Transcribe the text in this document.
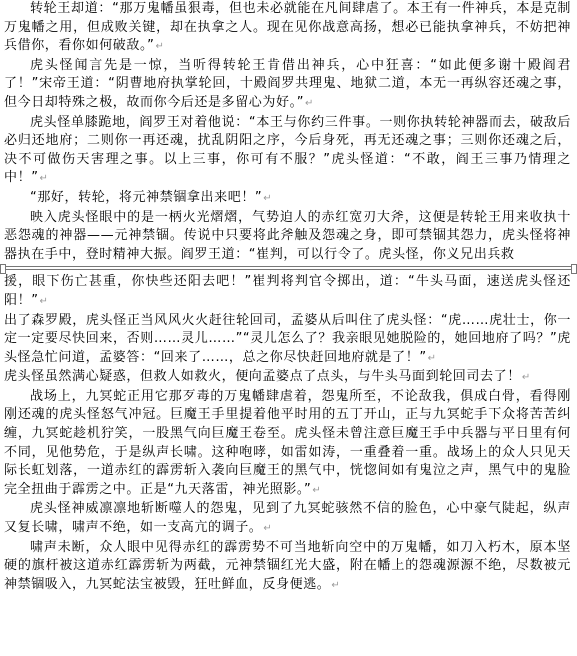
转轮王却道：“那万鬼幡虽狠毒，但也未必就能在凡间肆虐了。本王有一件神兵，本是克制万鬼幡之用，但成败关键，却在执拿之人。现在见你战意高扬，想必已能执拿神兵，不妨把神兵借你，看你如何破敌。”↵

虎头怪闻言先是一惊，当听得转轮王肯借出神兵，心中狂喜：“如此便多谢十殿阎君了！”宋帝王道：“阴曹地府执掌轮回，十殿阎罗共理鬼、地狱二道，本无一再纵容还魂之事，但今日却特殊之极，故而你今后还是多留心为好。”↵

虎头怪单膝跪地，阎罗王对着他说：“本王与你约三件事。一则你执转轮神器而去，破敌后必归还地府；二则你一再还魂，扰乱阴阳之序，今后身死，再无还魂之事；三则你还魂之后，决不可做伤天害理之事。以上三事，你可有不服？”虎头怪道：“不敢，阎王三事乃情理之中！”↵

“那好，转轮，将元神禁锢拿出来吧！”↵

映入虎头怪眼中的是一柄火光熠熠，气势迫人的赤红宽刃大斧，这便是转轮王用来收执十恶怨魂的神器——元神禁锢。传说中只要将此斧触及怨魂之身，即可禁锢其怨力，虎头怪将神器执在手中，登时精神大振。阎罗王道：“崔判，可以行令了。虎头怪，你义兄出兵救

援，眼下伤亡甚重，你快些还阳去吧！”崔判将判官令掷出，道：“牛头马面，速送虎头怪还阳！”↵

出了森罗殿，虎头怪正当风风火火赶往轮回司，孟婆从后叫住了虎头怪：“虎……虎壮士，你一定一定要尽快回来，否则……灵儿……”“灵儿怎么了？我亲眼见她脱险的，她回地府了吗？”虎头怪急忙问道，孟婆答：“回来了……，总之你尽快赶回地府就是了！”↵

虎头怪虽然满心疑惑，但救人如救火，便向孟婆点了点头，与牛头马面到轮回司去了！↵

战场上，九冥蛇正用它那歹毒的万鬼幡肆虐着，怨鬼所至，不论敌我，俱成白骨，看得刚刚还魂的虎头怪怒气冲冠。巨魔王手里提着他平时用的五丁开山，正与九冥蛇手下众将苦苦纠缠，九冥蛇趁机狞笑，一股黑气向巨魔王卷至。虎头怪未曾注意巨魔王手中兵器与平日里有何不同，见他势危，于是纵声长啸。这种咆哮，如雷如涛，一重叠着一重。战场上的众人只见天际长虹划落，一道赤红的霹雳斩入袭向巨魔王的黑气中，恍惚间如有鬼泣之声，黑气中的鬼脸完全扭曲于霹雳之中。正是“九天落雷，神光照影。”↵

虎头怪神威凛凛地斩断噬人的怨鬼，见到了九冥蛇骇然不信的脸色，心中豪气陡起，纵声又复长啸，啸声不绝，如一支高亢的调子。↵

啸声未断，众人眼中见得赤红的霹雳势不可当地斩向空中的万鬼幡，如刀入朽木，原本坚硬的旗杆被这道赤红霹雳斩为两截，元神禁锢红光大盛，附在幡上的怨魂源源不绝，尽数被元神禁锢吸入，九冥蛇法宝被毁，狂吐鲜血，反身便逃。↵
